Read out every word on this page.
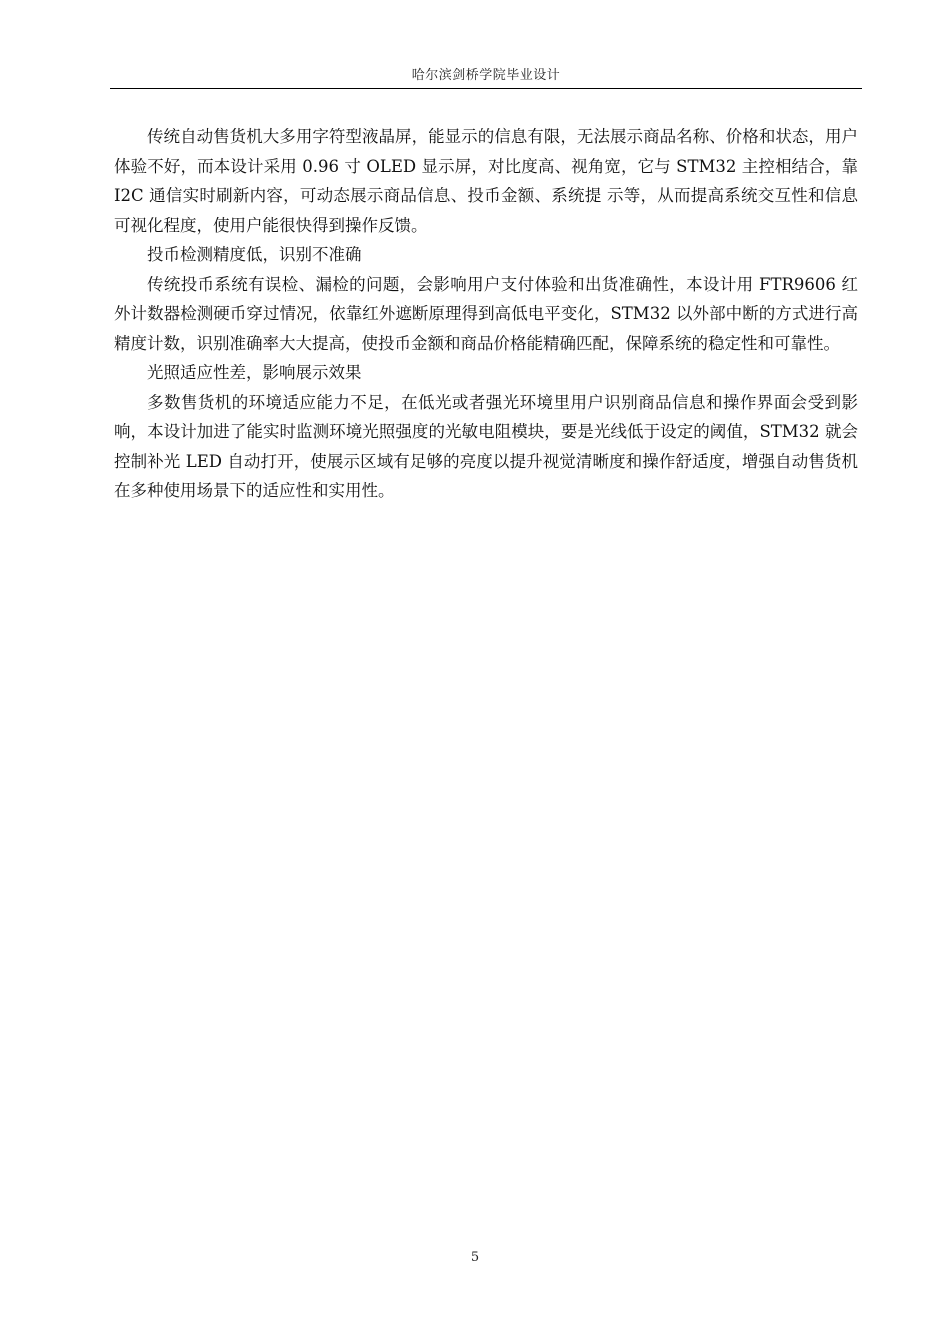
哈尔滨剑桥学院毕业设计

传统自动售货机大多用字符型液晶屏，能显示的信息有限，无法展示商品名称、价格和状态，用户体验不好，而本设计采用 0.96 寸 OLED 显示屏，对比度高、视角宽，它与 STM32 主控相结合，靠 I2C 通信实时刷新内容，可动态展示商品信息、投币金额、系统提 示等，从而提高系统交互性和信息可视化程度，使用户能很快得到操作反馈。

投币检测精度低，识别不准确

传统投币系统有误检、漏检的问题，会影响用户支付体验和出货准确性，本设计用 FTR9606 红外计数器检测硬币穿过情况，依靠红外遮断原理得到高低电平变化，STM32 以外部中断的方式进行高精度计数，识别准确率大大提高，使投币金额和商品价格能精确匹配，保障系统的稳定性和可靠性。

光照适应性差，影响展示效果

多数售货机的环境适应能力不足，在低光或者强光环境里用户识别商品信息和操作界面会受到影响，本设计加进了能实时监测环境光照强度的光敏电阻模块，要是光线低于设定的阈值，STM32 就会控制补光 LED 自动打开，使展示区域有足够的亮度以提升视觉清晰度和操作舒适度，增强自动售货机在多种使用场景下的适应性和实用性。

5
